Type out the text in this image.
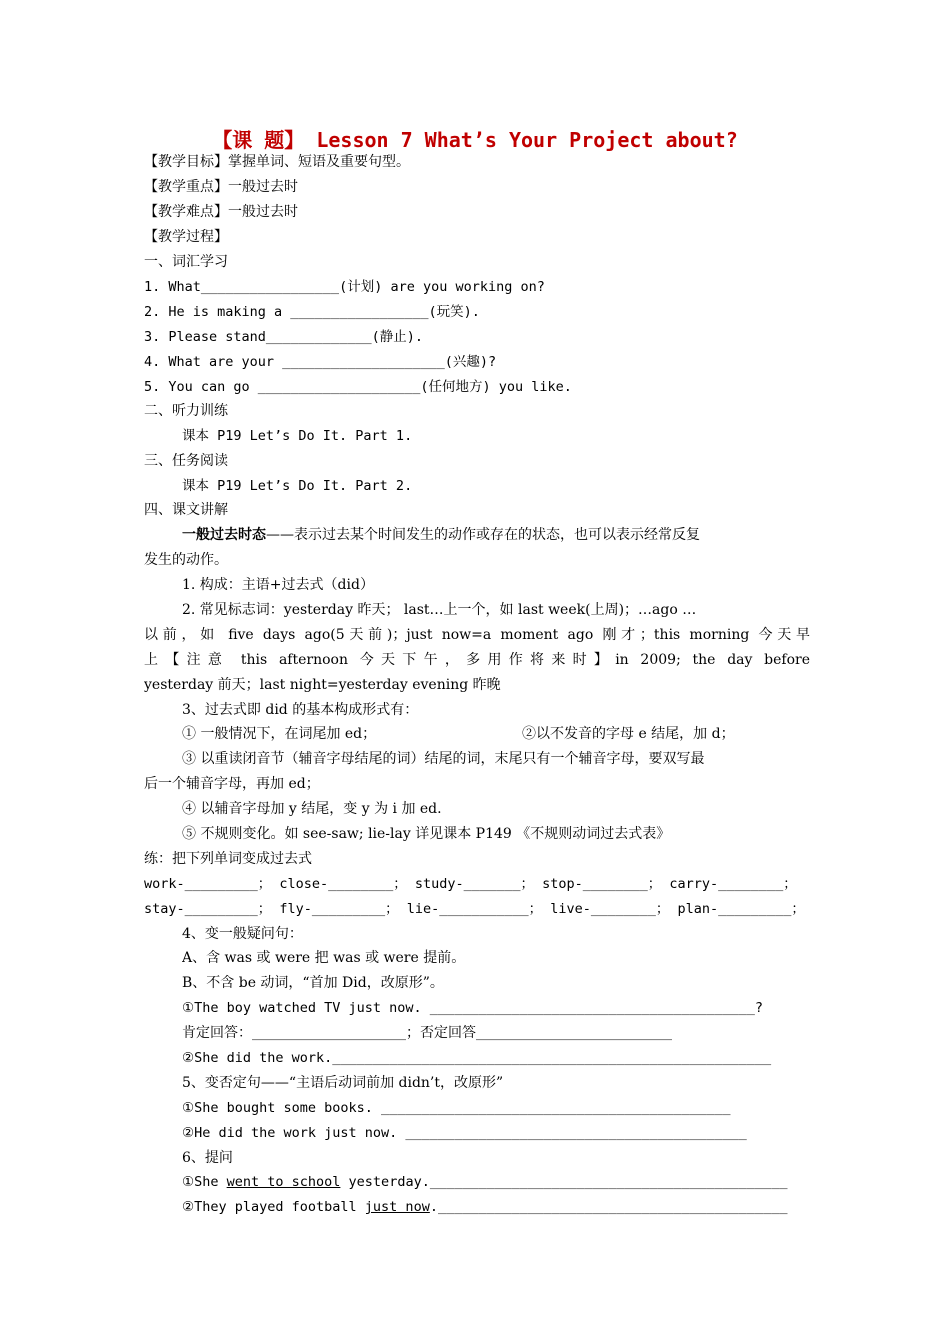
【课 题】 Lesson 7 What’s Your Project about?
【教学目标】掌握单词、短语及重要句型。
【教学重点】一般过去时
【教学难点】一般过去时
【教学过程】
一、词汇学习
1. What_________________(计划) are you working on?
2. He is making a _________________(玩笑).
3. Please stand_____________(静止).
4. What are your ____________________(兴趣)?
5. You can go ____________________(任何地方) you like.
二、听力训练
课本 P19 Let’s Do It. Part 1.
三、任务阅读
课本 P19 Let’s Do It. Part 2.
四、课文讲解
一般过去时态——表示过去某个时间发生的动作或存在的状态，也可以表示经常反复
发生的动作。
1. 构成：主语+过去式（did）
2. 常见标志词：yesterday 昨天； last…上一个，如 last week(上周)；…ago …
以前，如 five days ago(5天前)；just now=a moment ago 刚才；this morning 今天早
上【注意 this afternoon 今天下午，多用作将来时】in 2009; the day before
yesterday 前天；last night=yesterday evening 昨晚
3、过去式即 did 的基本构成形式有：
① 一般情况下，在词尾加 ed；	②以不发音的字母 e 结尾，加 d；
③ 以重读闭音节（辅音字母结尾的词）结尾的词，末尾只有一个辅音字母，要双写最
后一个辅音字母，再加 ed；
④ 以辅音字母加 y 结尾，变 y 为 i 加 ed.
⑤ 不规则变化。如 see-saw; lie-lay 详见课本 P149 《不规则动词过去式表》
练：把下列单词变成过去式
work-_________； close-________； study-_______； stop-________； carry-________；
stay-_________； fly-_________； lie-___________； live-________； plan-_________；
4、变一般疑问句：
A、含 was 或 were 把 was 或 were 提前。
B、不含 be 动词，“首加 Did，改原形”。
①The boy watched TV just now. ________________________________________?
肯定回答：______________________；否定回答____________________________
②She did the work.______________________________________________________
5、变否定句——“主语后动词前加 didn’t，改原形”
①She bought some books. ___________________________________________
②He did the work just now. __________________________________________
6、提问
①She went to school yesterday.____________________________________________
②They played football just now.___________________________________________
